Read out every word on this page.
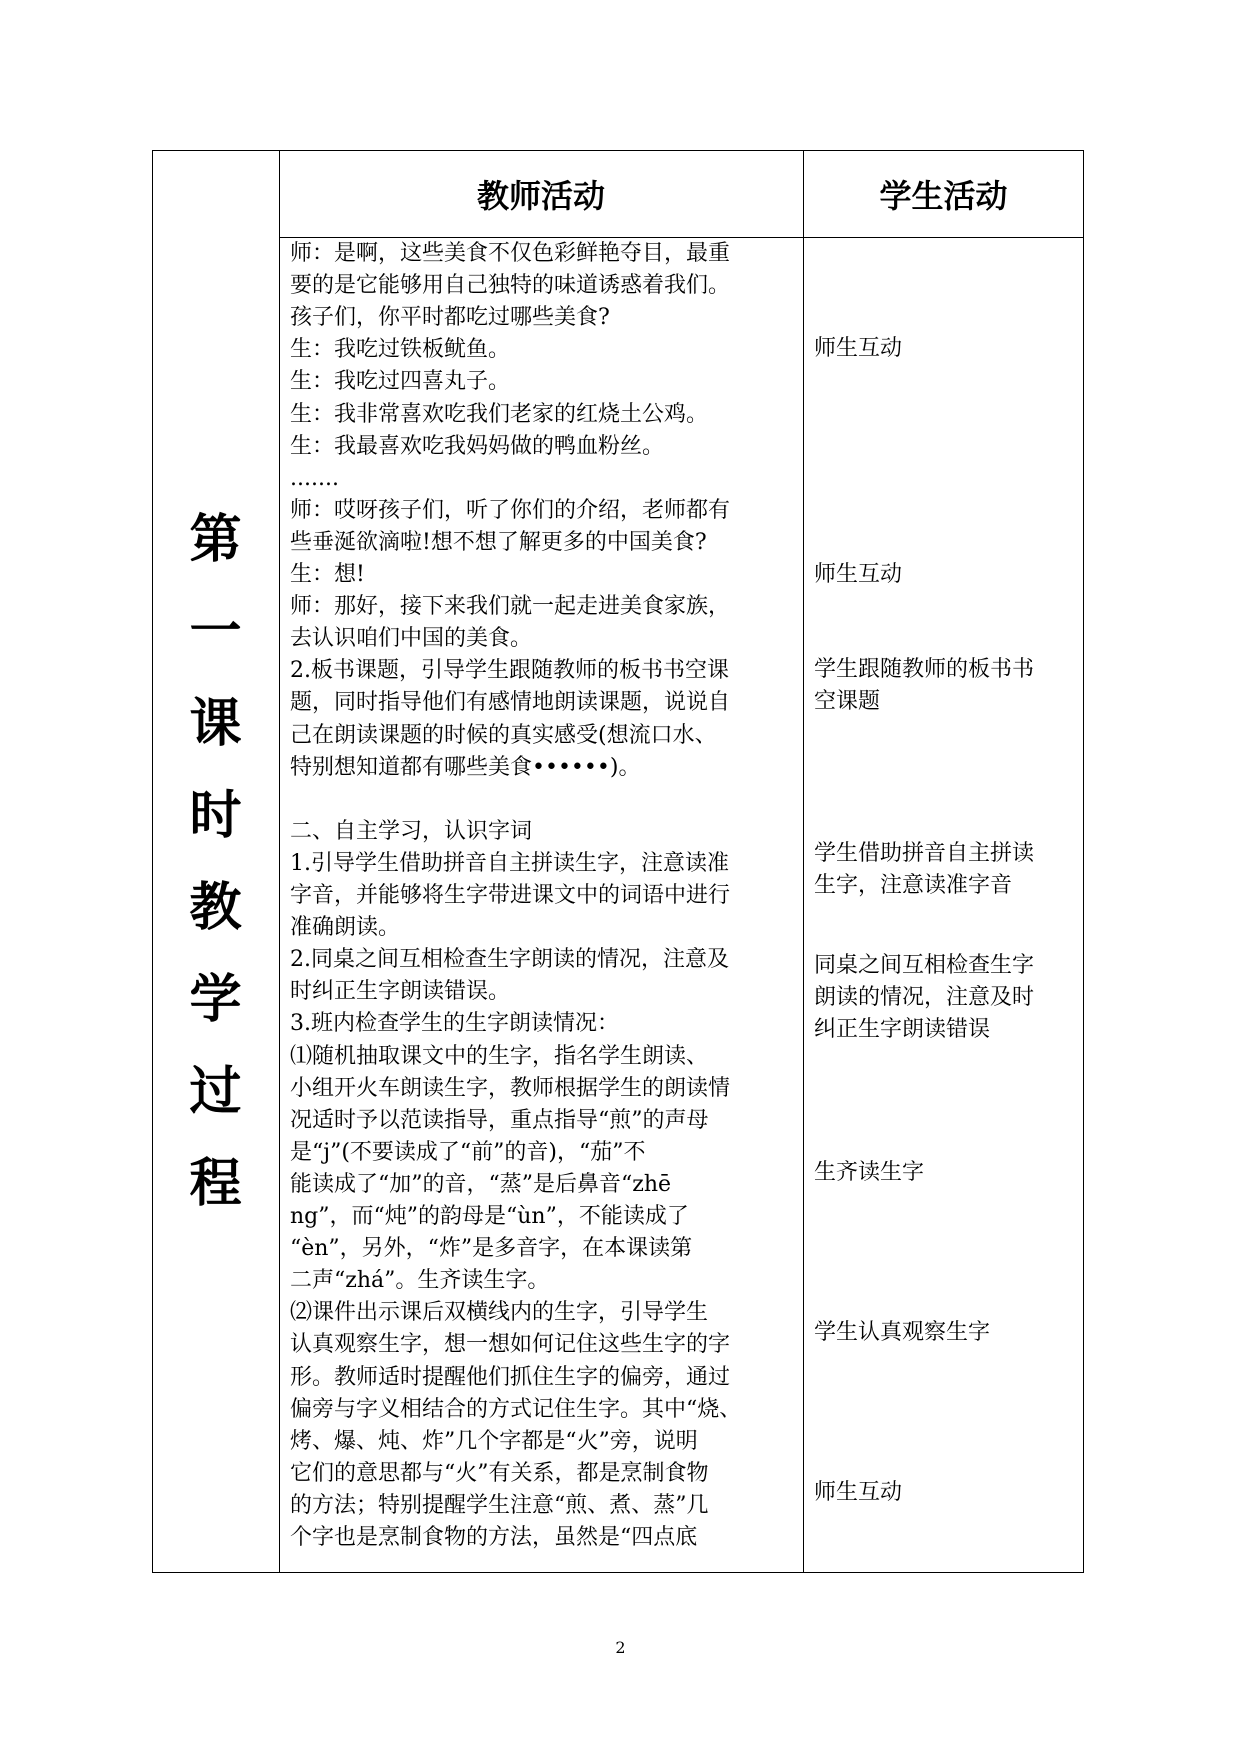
第
一
课
时
教
学
过
程
教师活动	学生活动
师：是啊，这些美食不仅色彩鲜艳夺目，最重
要的是它能够用自己独特的味道诱惑着我们。
孩子们，你平时都吃过哪些美食?
生：我吃过铁板鱿鱼。
生：我吃过四喜丸子。
生：我非常喜欢吃我们老家的红烧土公鸡。
生：我最喜欢吃我妈妈做的鸭血粉丝。
.......
师：哎呀孩子们，听了你们的介绍，老师都有
些垂涎欲滴啦!想不想了解更多的中国美食?
生：想!
师：那好，接下来我们就一起走进美食家族，
去认识咱们中国的美食。
2.板书课题，引导学生跟随教师的板书书空课
题，同时指导他们有感情地朗读课题，说说自
己在朗读课题的时候的真实感受(想流口水、
特别想知道都有哪些美食••••••)。
二、自主学习，认识字词
1.引导学生借助拼音自主拼读生字，注意读准
字音，并能够将生字带进课文中的词语中进行
准确朗读。
2.同桌之间互相检查生字朗读的情况，注意及
时纠正生字朗读错误。
3.班内检查学生的生字朗读情况：
⑴随机抽取课文中的生字，指名学生朗读、
小组开火车朗读生字，教师根据学生的朗读情
况适时予以范读指导，重点指导“煎”的声母
是“j”(不要读成了“前”的音)，“茄”不
能读成了“加”的音，“蒸”是后鼻音“zhē
ng”，而“炖”的韵母是“ùn”，不能读成了
“èn”，另外，“炸”是多音字，在本课读第
二声“zhá”。生齐读生字。
⑵课件出示课后双横线内的生字，引导学生
认真观察生字，想一想如何记住这些生字的字
形。教师适时提醒他们抓住生字的偏旁，通过
偏旁与字义相结合的方式记住生字。其中“烧、
烤、爆、炖、炸”几个字都是“火”旁，说明
它们的意思都与“火”有关系，都是烹制食物
的方法；特别提醒学生注意“煎、煮、蒸”几
个字也是烹制食物的方法，虽然是“四点底
师生互动
师生互动
学生跟随教师的板书书
空课题
学生借助拼音自主拼读
生字，注意读准字音
同桌之间互相检查生字
朗读的情况，注意及时
纠正生字朗读错误
生齐读生字
学生认真观察生字
师生互动
2
